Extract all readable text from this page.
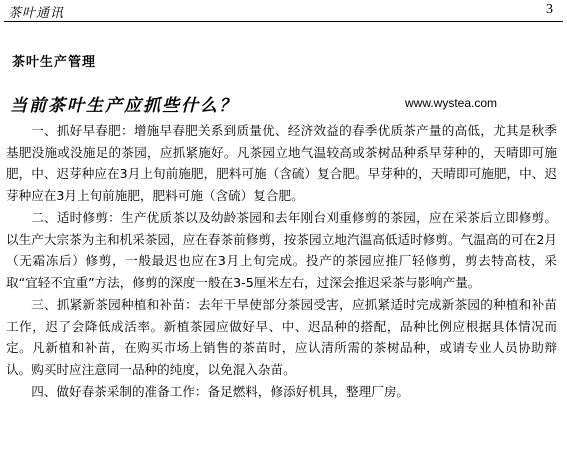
茶叶通讯	3
茶叶生产管理
当前茶叶生产应抓些什么？	www.wystea.com

一、抓好早春肥：增施早春肥关系到质量优、经济效益的春季优质茶产量的高低，尤其是秋季基肥没施或没施足的茶园，应抓紧施好。凡茶园立地气温较高或茶树品种系早芽种的，天晴即可施肥，中、迟芽种应在3月上旬前施肥，肥料可施（含硫）复合肥。早芽种的，天晴即可施肥，中、迟芽种应在3月上旬前施肥，肥料可施（含硫）复合肥。

二、适时修剪：生产优质茶以及幼龄茶园和去年刚台刈重修剪的茶园，应在采茶后立即修剪。以生产大宗茶为主和机采茶园，应在春茶前修剪，按茶园立地汽温高低适时修剪。气温高的可在2月（无霜冻后）修剪，一般最迟也应在3月上旬完成。投产的茶园应推厂轻修剪，剪去特高枝，采取“宜轻不宜重”方法，修剪的深度一般在3-5厘米左右，过深会推迟采茶与影响产量。

三、抓紧新茶园种植和补苗：去年干旱使部分茶园受害，应抓紧适时完成新茶园的种植和补苗工作，迟了会降低成活率。新植茶园应做好早、中、迟品种的搭配，品种比例应根据具体情况而定。凡新植和补苗，在购买市场上销售的茶苗时，应认清所需的茶树品种，或请专业人员协助辩认。购买时应注意同一品种的纯度，以免混入杂苗。

四、做好春茶采制的准备工作：备足燃料，修添好机具，整理厂房。
